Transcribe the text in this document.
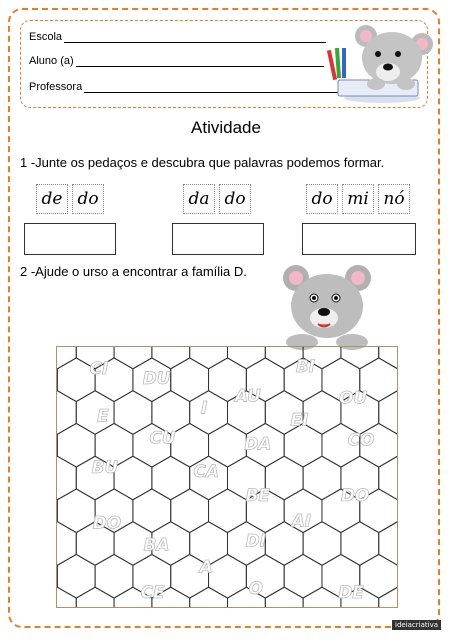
Escola
Aluno (a)
Professora
Atividade
1 -Junte os pedaços e descubra que palavras podemos formar.
de do	da do	do mi nó
2 -Ajude o urso a encontrar a família D.
CI DU
AU
BI
OU
E	I
EI
CU	DA	CO
BU	CA
BE	DO
DO	AI
BA	DI
A
O
CE	DE
ideiacriativa
